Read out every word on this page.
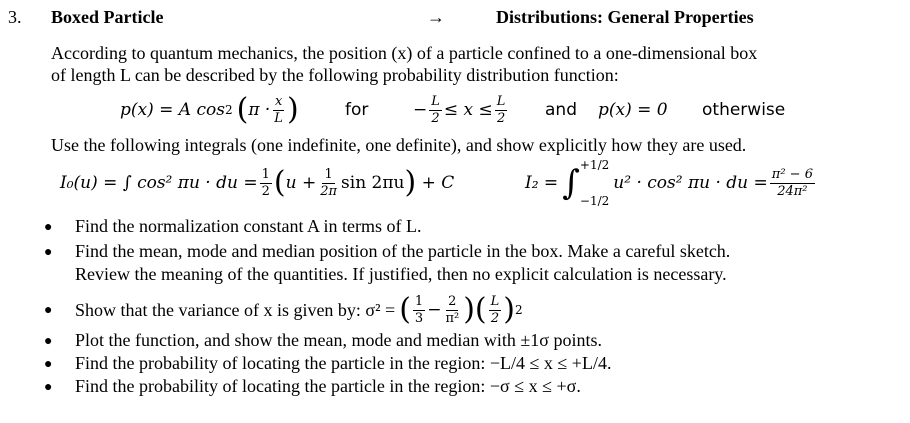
3. Boxed Particle	→	Distributions: General Properties
According to quantum mechanics, the position (x) of a particle confined to a one-dimensional box
of length L can be described by the following probability distribution function:
p(x) = A cos 2 ( $\pi \cdot \frac{x}{L}$ )	for	− $\frac{L}{2} \le x \le \frac{L}{2}$ and p(x) = 0 otherwise
Use the following integrals (one indefinite, one definite), and show explicitly how they are used.
I₀(u) =
∫ cos² πu · du = $\frac{1}{2}$ ( $u + \frac{1}{2\pi}$ sin 2πu )
+ C	I₂ = ∫ +1/2
−1/2
u² · cos² πu · du = $\frac{\text{π² − 6}}{\text{24π²}}$
● Find the normalization constant A in terms of L.
● Find the mean, mode and median position of the particle in the box. Make a careful sketch.
Review the meaning of the quantities. If justified, then no explicit calculation is necessary.
● Show that the variance of x is given by: σ² = ( $\frac{1}{3} - \frac{2}{\text{π²}}$ ) ( $\frac{L}{2}$ ) 2
● Plot the function, and show the mean, mode and median with ±1σ points.
● Find the probability of locating the particle in the region: −L/4 ≤ x ≤ +L/4.
● Find the probability of locating the particle in the region: −σ ≤ x ≤ +σ.
